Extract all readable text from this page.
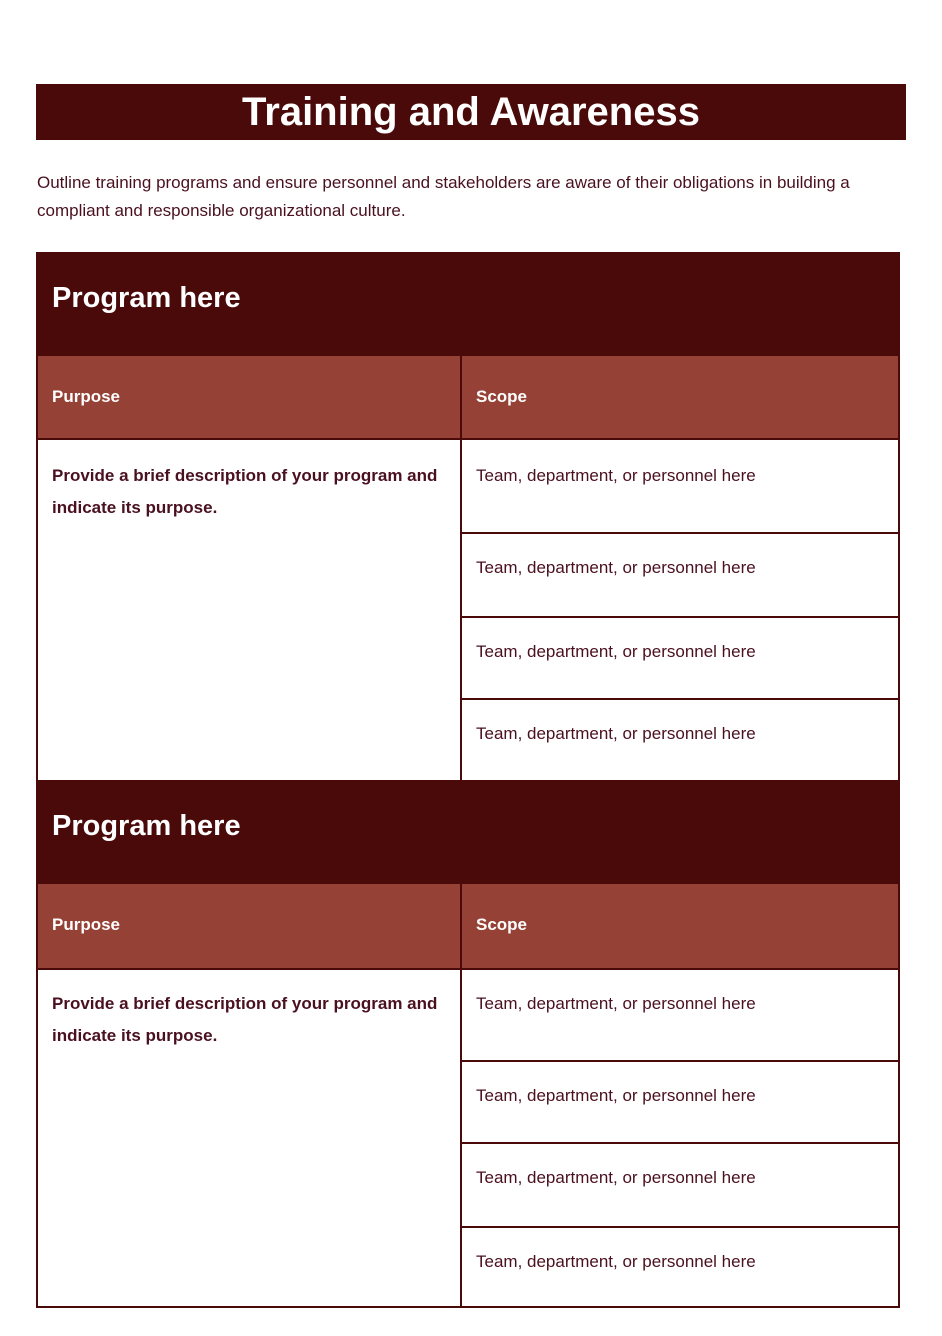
Training and Awareness

Outline training programs and ensure personnel and stakeholders are aware of their obligations in building a compliant and responsible organizational culture.

Program here
Purpose	Scope

Provide a brief description of your program and indicate its purpose.

Team, department, or personnel here
Team, department, or personnel here
Team, department, or personnel here
Team, department, or personnel here
Program here
Purpose	Scope

Provide a brief description of your program and indicate its purpose.

Team, department, or personnel here
Team, department, or personnel here
Team, department, or personnel here
Team, department, or personnel here
